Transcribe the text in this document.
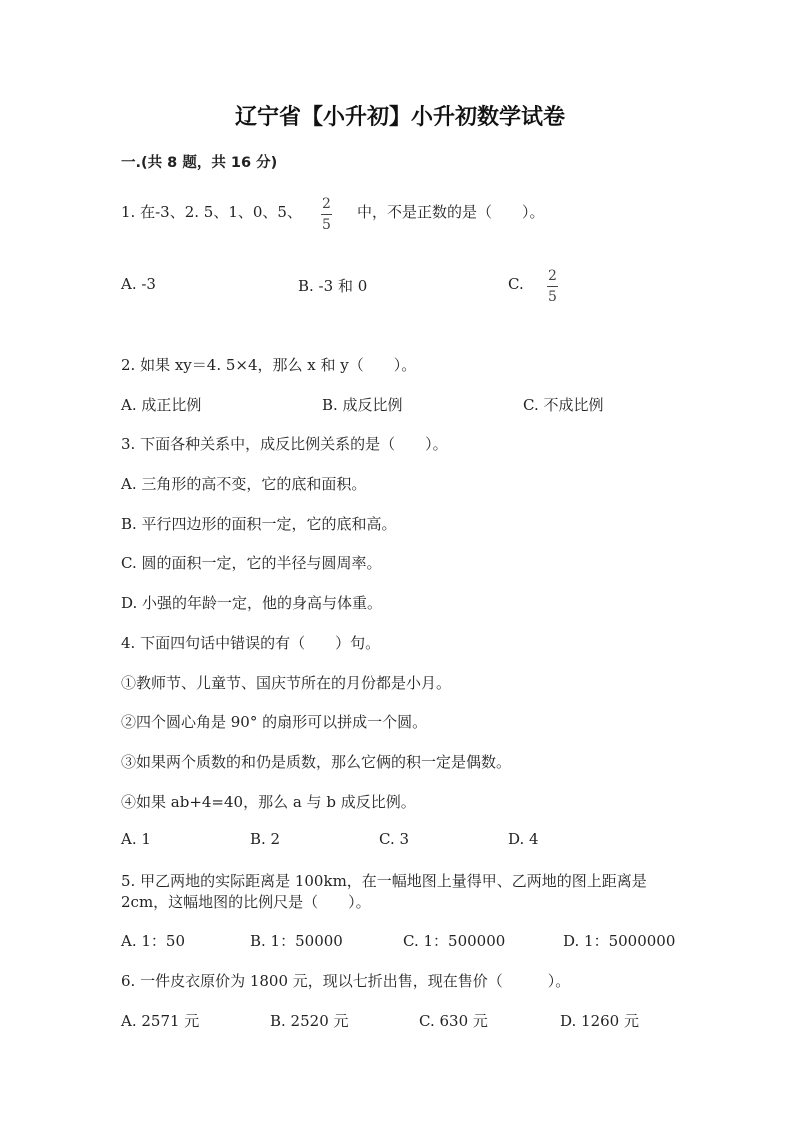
辽宁省【小升初】小升初数学试卷
一.(共 8 题，共 16 分)
1. 在-3、2. 5、1、0、5、 2
5
中，不是正数的是（　　）。
A. -3	B. -3 和 0	C. 2
5
2. 如果 xy＝4. 5×4，那么 x 和 y（　　）。
A. 成正比例	B. 成反比例	C. 不成比例
3. 下面各种关系中，成反比例关系的是（　　）。
A. 三角形的高不变，它的底和面积。
B. 平行四边形的面积一定，它的底和高。
C. 圆的面积一定，它的半径与圆周率。
D. 小强的年龄一定，他的身高与体重。
4. 下面四句话中错误的有（　　）句。
①教师节、儿童节、国庆节所在的月份都是小月。
②四个圆心角是 90° 的扇形可以拼成一个圆。
③如果两个质数的和仍是质数，那么它俩的积一定是偶数。
④如果 ab+4=40，那么 a 与 b 成反比例。
A. 1	B. 2	C. 3	D. 4
5. 甲乙两地的实际距离是 100km，在一幅地图上量得甲、乙两地的图上距离是
2cm，这幅地图的比例尺是（　　）。
A. 1：50	B. 1：50000	C. 1：500000	D. 1：5000000
6. 一件皮衣原价为 1800 元，现以七折出售，现在售价（　　　）。
A. 2571 元	B. 2520 元	C. 630 元	D. 1260 元
